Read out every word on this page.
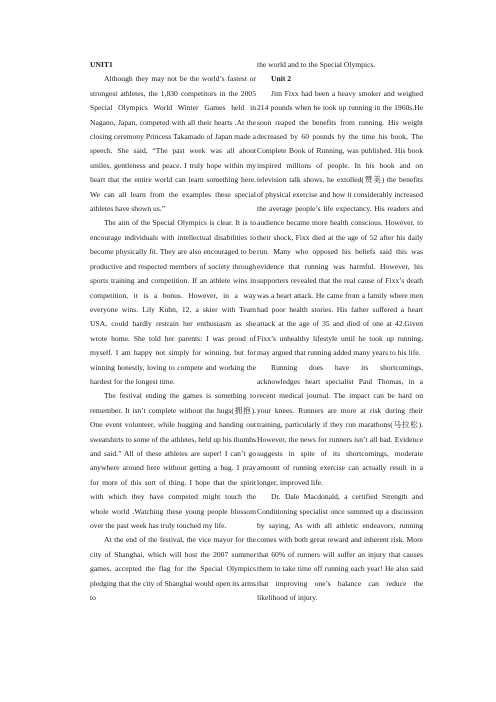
UNIT1

Although they may not be the world’s fastest or strongest athletes, the 1,830 competitors in the 2005 Special Olympics World Winter Games held in Nagano, Japan, competed with all their hearts .At the closing ceremony Princess Takamado of Japan made a speech. She said, “The past week was all about smiles, gentleness and peace. I truly hope within my heart that the entire world can learn something here. We can all learn from the examples these special athletes have shown us.”

The aim of the Special Olympics is clear. It is to encourage individuals with intellectual disabilities to become physically fit. They are also encouraged to be productive and respected members of society through sports training and competition. If an athlete wins in competition, it is a bonus. However, in a way everyone wins. Lily Kuhn, 12, a skier with Team USA, could hardly restrain her enthusiasm as she wrote home. She told her parents: I was proud of myself. I am happy not simply for winning, but for winning honestly, loving to compete and working the hardest for the longest time.

The festival ending the games is something to remember. It isn’t complete without the hugs(拥抱). One event volunteer, while hugging and handing out sweatshirts to some of the athletes, held up his thumbs and said.” All of these athletes are super! I can’t go anywhere around here without getting a hug. I pray for more of this sort of thing. I hope that the spirit with which they have competed might touch the whole world .Watching these young people blossom over the past week has truly touched my life.

At the end of the festival, the vice mayor for the city of Shanghai, which will host the 2007 summer games, accepted the flag for the Special Olympics pledging that the city of Shanghai would open its arms to

the world and to the Special Olympics.

Unit 2

Jim Fixx had been a heavy smoker and weighed 214 pounds when he took up running in the 1960s.He soon reaped the benefits from running. His weight decreased by 60 pounds by the time his book, The Complete Book of Running, was published. His book inspired millions of people. In his book and on television talk shows, he extolled(赞美) the benefits of physical exercise and how it considerably increased the average people’s life expectancy. His readers and audience became more health conscious. However, to their shock, Fixx died at the age of 52 after his daily run. Many who opposed his beliefs said this was evidence that running was harmful. However, his supporters revealed that the real cause of Fixx’s death was a heart attack. He came from a family where men had poor health stories. His father suffered a heart attack at the age of 35 and died of one at 42.Given Fixx’s unhealthy lifestyle until he took up running, may argued that running added many years to his life.

Running does have its shortcomings, acknowledges heart specialist Paul Thomas, in a recent medical journal. The impact can be hard on your knees. Runners are more at risk during their training, particularly if they run marathons(马拉松). However, the news for runners isn’t all bad. Evidence suggests in spite of its shortcomings, moderate amount of running exercise can actually result in a longer, improved life.

Dr. Dale Macdonald, a certified Strength and Conditioning specialist once summed up a discussion by saying, As with all athletic endeavors, running comes with both great reward and inherent risk. More that 60% of runners will suffer an injury that causes them to take time off running each year! He also said that improving one’s balance can reduce the likelihood of injury.
